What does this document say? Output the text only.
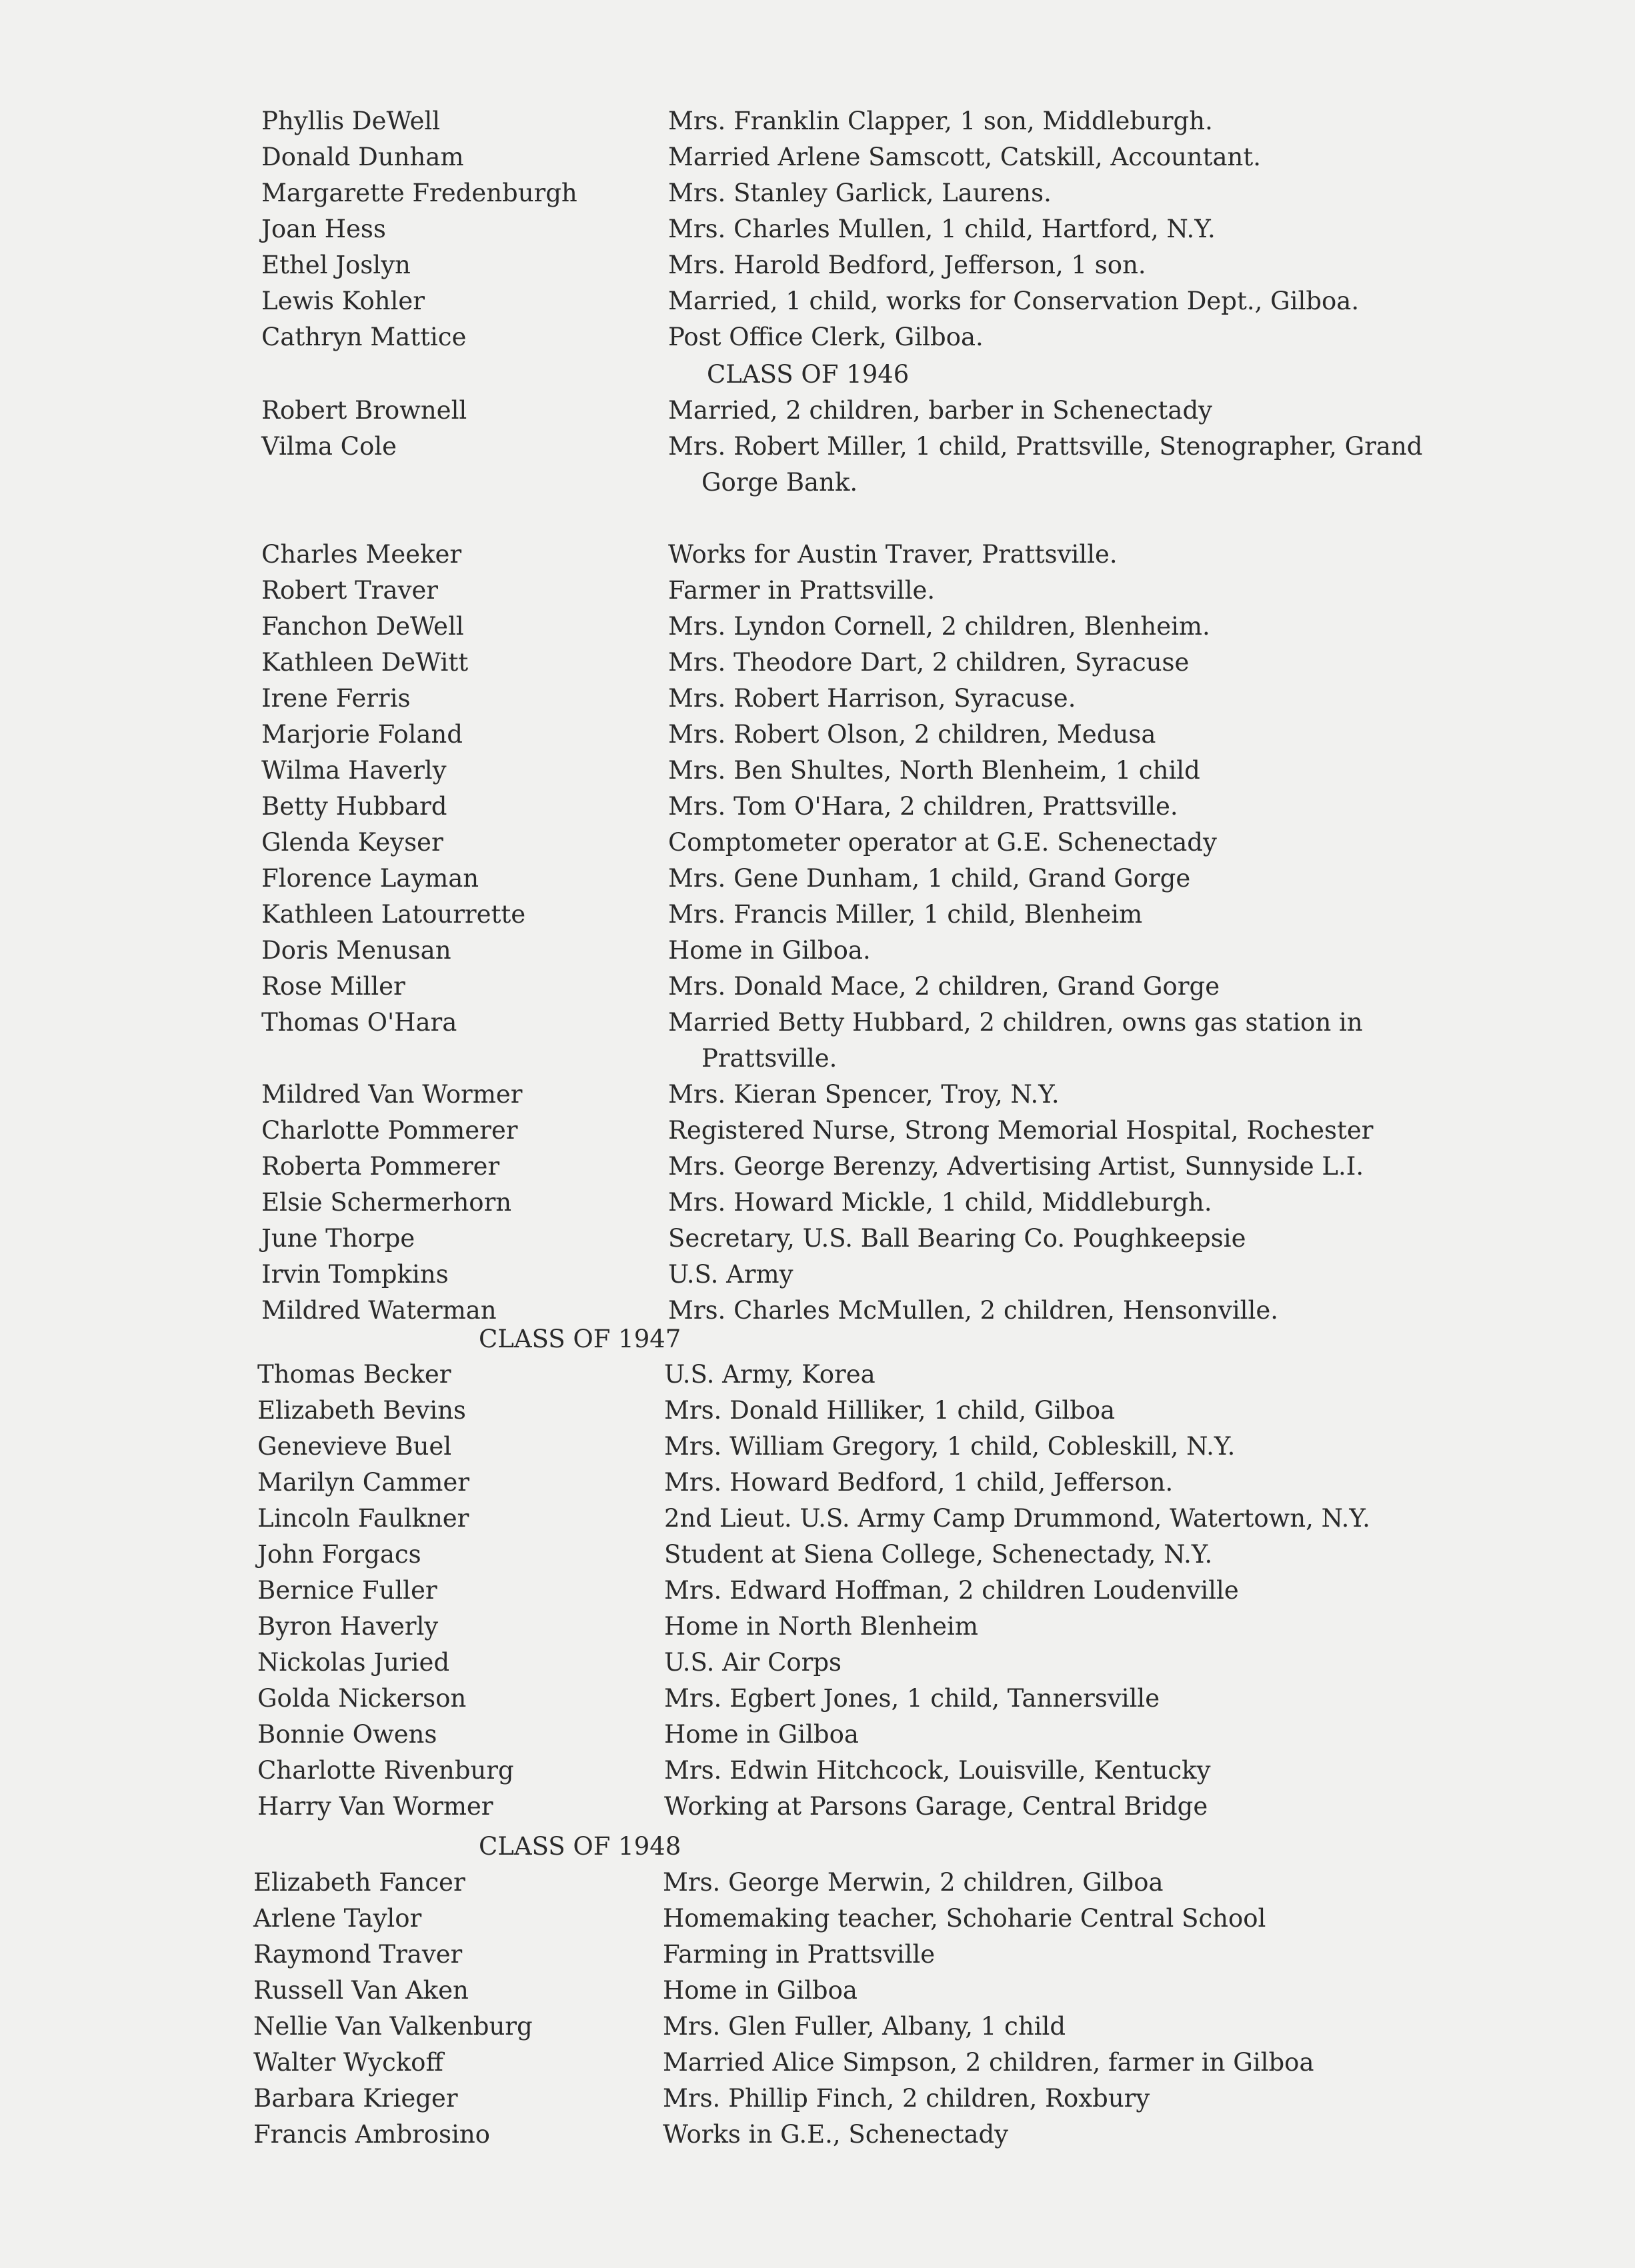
Phyllis DeWell	Mrs. Franklin Clapper, 1 son, Middleburgh.
Donald Dunham	Married Arlene Samscott, Catskill, Accountant.
Margarette Fredenburgh	Mrs. Stanley Garlick, Laurens.
Joan Hess	Mrs. Charles Mullen, 1 child, Hartford, N.Y.
Ethel Joslyn	Mrs. Harold Bedford, Jefferson, 1 son.
Lewis Kohler	Married, 1 child, works for Conservation Dept., Gilboa.
Cathryn Mattice	Post Office Clerk, Gilboa.
CLASS OF 1946
Robert Brownell	Married, 2 children, barber in Schenectady
Vilma Cole	Mrs. Robert Miller, 1 child, Prattsville, Stenographer, Grand
Gorge Bank.
Charles Meeker	Works for Austin Traver, Prattsville.
Robert Traver	Farmer in Prattsville.
Fanchon DeWell	Mrs. Lyndon Cornell, 2 children, Blenheim.
Kathleen DeWitt	Mrs. Theodore Dart, 2 children, Syracuse
Irene Ferris	Mrs. Robert Harrison, Syracuse.
Marjorie Foland	Mrs. Robert Olson, 2 children, Medusa
Wilma Haverly	Mrs. Ben Shultes, North Blenheim, 1 child
Betty Hubbard	Mrs. Tom O'Hara, 2 children, Prattsville.
Glenda Keyser	Comptometer operator at G.E. Schenectady
Florence Layman	Mrs. Gene Dunham, 1 child, Grand Gorge
Kathleen Latourrette	Mrs. Francis Miller, 1 child, Blenheim
Doris Menusan	Home in Gilboa.
Rose Miller	Mrs. Donald Mace, 2 children, Grand Gorge
Thomas O'Hara	Married Betty Hubbard, 2 children, owns gas station in
Prattsville.
Mildred Van Wormer	Mrs. Kieran Spencer, Troy, N.Y.
Charlotte Pommerer	Registered Nurse, Strong Memorial Hospital, Rochester
Roberta Pommerer	Mrs. George Berenzy, Advertising Artist, Sunnyside L.I.
Elsie Schermerhorn	Mrs. Howard Mickle, 1 child, Middleburgh.
June Thorpe	Secretary, U.S. Ball Bearing Co. Poughkeepsie
Irvin Tompkins	U.S. Army
Mildred Waterman	Mrs. Charles McMullen, 2 children, Hensonville.
CLASS OF 1947
Thomas Becker	U.S. Army, Korea
Elizabeth Bevins	Mrs. Donald Hilliker, 1 child, Gilboa
Genevieve Buel	Mrs. William Gregory, 1 child, Cobleskill, N.Y.
Marilyn Cammer	Mrs. Howard Bedford, 1 child, Jefferson.
Lincoln Faulkner	2nd Lieut. U.S. Army Camp Drummond, Watertown, N.Y.
John Forgacs	Student at Siena College, Schenectady, N.Y.
Bernice Fuller	Mrs. Edward Hoffman, 2 children Loudenville
Byron Haverly	Home in North Blenheim
Nickolas Juried	U.S. Air Corps
Golda Nickerson	Mrs. Egbert Jones, 1 child, Tannersville
Bonnie Owens	Home in Gilboa
Charlotte Rivenburg	Mrs. Edwin Hitchcock, Louisville, Kentucky
Harry Van Wormer	Working at Parsons Garage, Central Bridge
CLASS OF 1948
Elizabeth Fancer	Mrs. George Merwin, 2 children, Gilboa
Arlene Taylor	Homemaking teacher, Schoharie Central School
Raymond Traver	Farming in Prattsville
Russell Van Aken	Home in Gilboa
Nellie Van Valkenburg	Mrs. Glen Fuller, Albany, 1 child
Walter Wyckoff	Married Alice Simpson, 2 children, farmer in Gilboa
Barbara Krieger	Mrs. Phillip Finch, 2 children, Roxbury
Francis Ambrosino	Works in G.E., Schenectady
